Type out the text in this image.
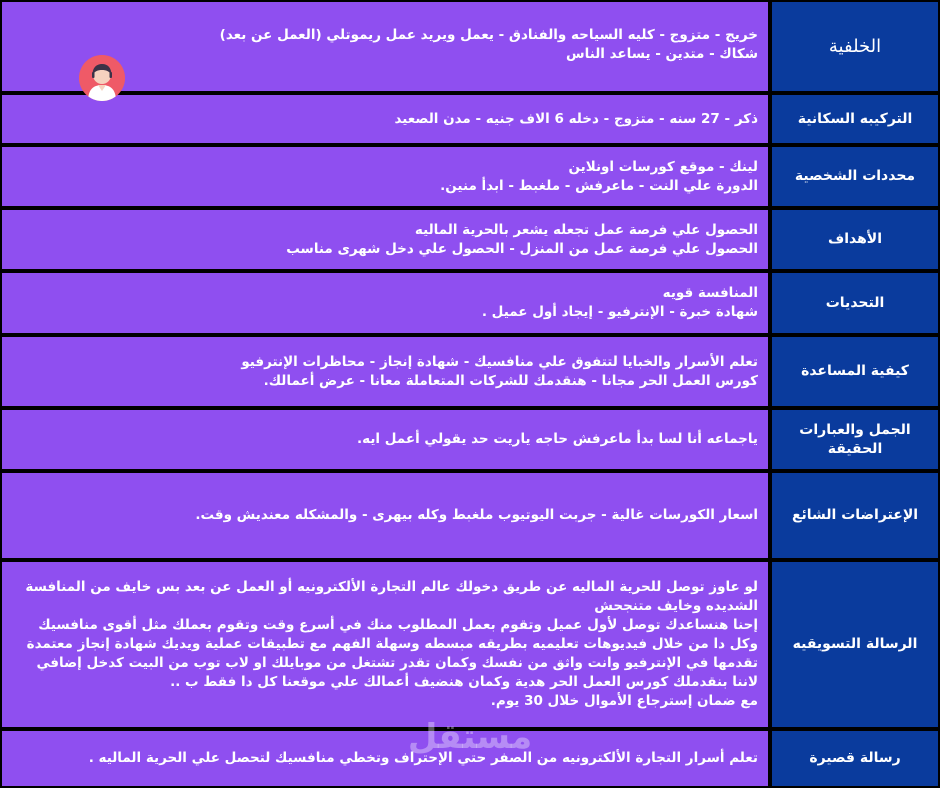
الخلفية
خريج - متزوج - كليه السياحه والفنادق - يعمل ويريد عمل ريموتلي (العمل عن بعد)
شكاك - متدين - يساعد الناس
التركيبه السكانية
ذكر - 27 سنه - متزوج - دخله 6 الاف جنيه - مدن الصعيد
محددات الشخصية
لينك - موقع كورسات اونلاين
الدورة علي النت - ماعرفش - ملغبط - ابدأ منين.
الأهداف
الحصول علي فرصة عمل تجعله يشعر بالحرية الماليه
الحصول علي فرصة عمل من المنزل - الحصول علي دخل شهرى مناسب
التحديات
المنافسة قويه
شهادة خبرة - الإنترفيو - إيجاد أول عميل .
كيفية المساعدة
تعلم الأسرار والخبايا لتتفوق علي منافسيك - شهادة إنجاز - محاظرات الإنترفيو
كورس العمل الحر مجانا - هنقدمك للشركات المتعاملة معانا - عرض أعمالك.
الجمل والعبارات الحقيقة
ياجماعه أنا لسا بدأ ماعرفش حاجه ياريت حد يقولي أعمل ايه.
الإعتراضات الشائع
اسعار الكورسات غالية - جربت اليوتيوب ملغبط وكله بيهرى - والمشكله معنديش وقت.
الرسالة التسويقيه
لو عاوز توصل للحرية الماليه عن طريق دخولك عالم التجارة الألكترونيه أو العمل عن بعد بس خايف من المنافسة الشديده وخايف متنجحش
إحنا هنساعدك توصل لأول عميل وتقوم بعمل المطلوب منك في أسرع وقت وتقوم بعملك مثل أقوى منافسيك وكل دا من خلال فيديوهات تعليميه بطريقه مبسطه وسهلة الفهم مع تطبيقات عملية ويديك شهادة إنجاز معتمدة تقدمها في الإنترفيو وانت واثق من نفسك وكمان تقدر تشتغل من موبايلك او لاب توب من البيت كدخل إضافي لاننا بنقدملك كورس العمل الحر هدية وكمان هنضيف أعمالك علي موقعنا كل دا فقط ب ..
مع ضمان إسترجاع الأموال خلال 30 يوم.
رسالة قصيرة
تعلم أسرار التجارة الألكترونيه من الصفر حتي الإحتراف وتخطي منافسيك لتحصل علي الحرية الماليه .
مستقل
